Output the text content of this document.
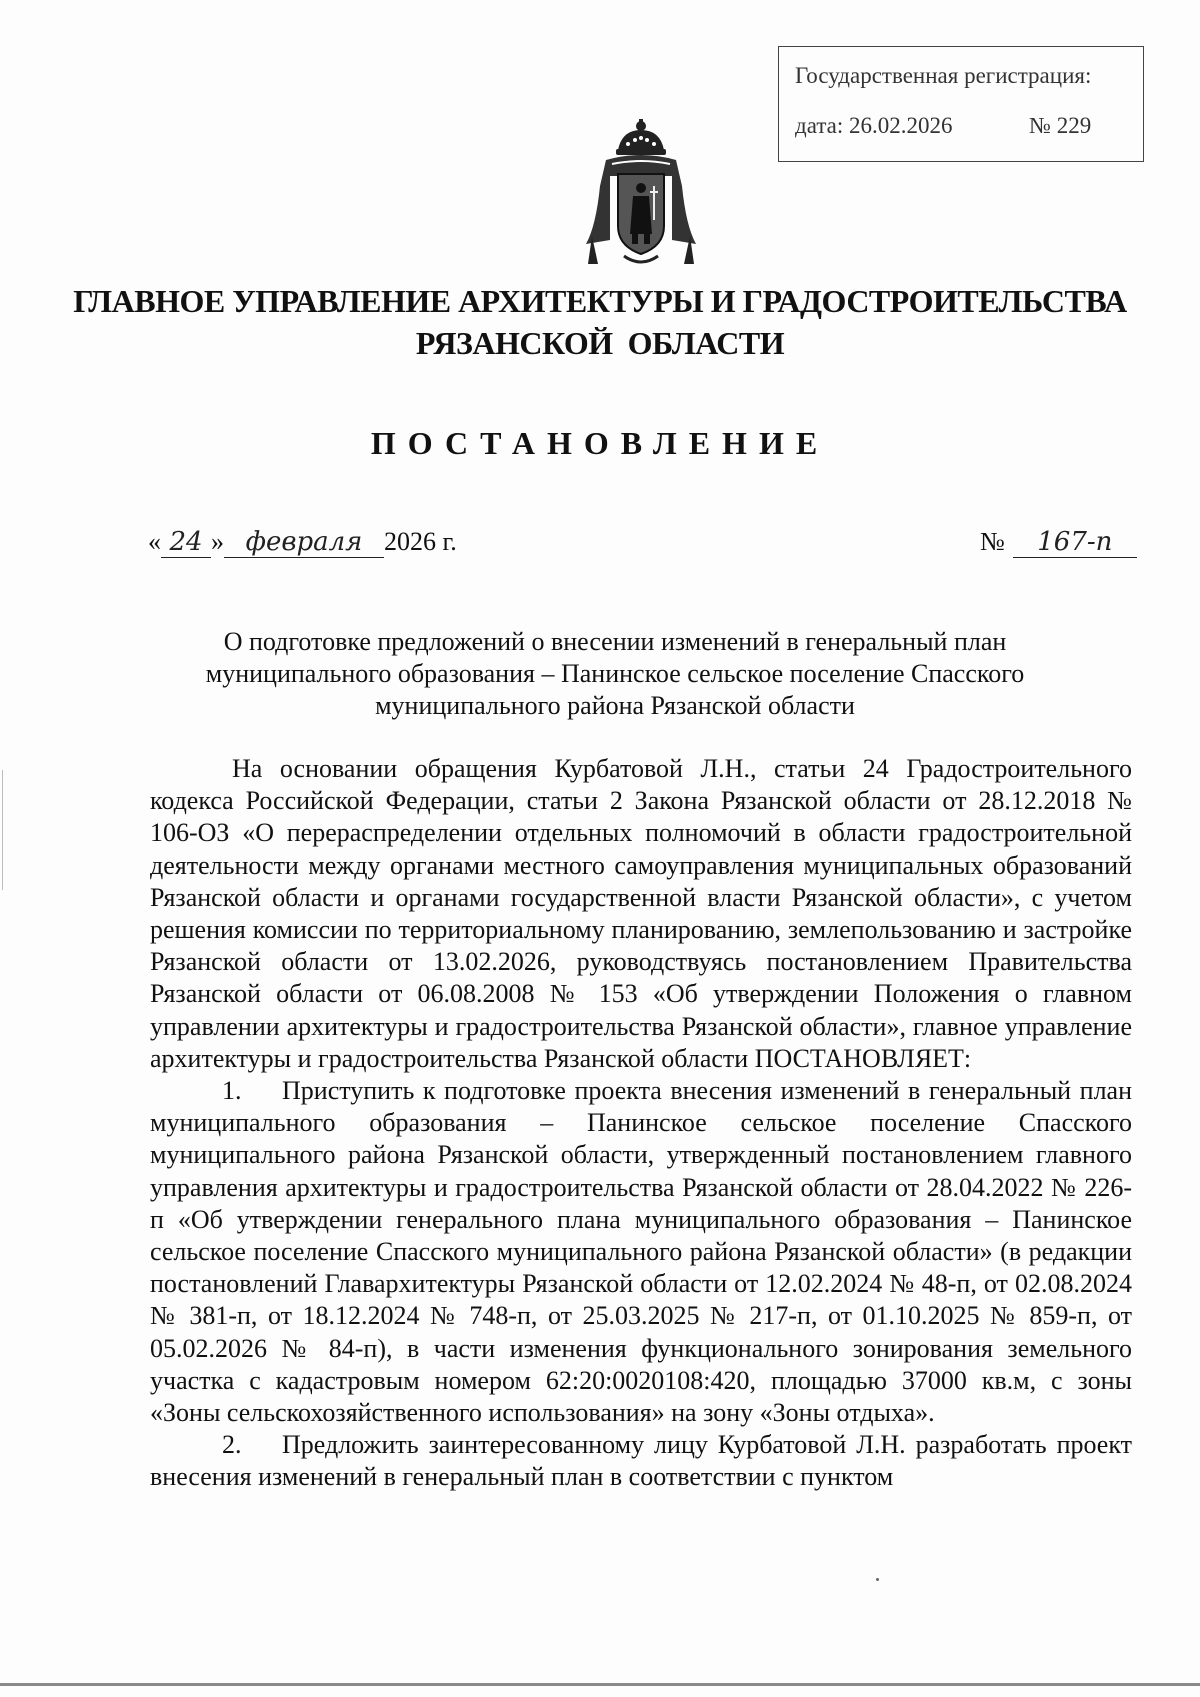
Государственная регистрация:
дата: 26.02.2026	№ 229
ГЛАВНОЕ УПРАВЛЕНИЕ АРХИТЕКТУРЫ И ГРАДОСТРОИТЕЛЬСТВА
РЯЗАНСКОЙ  ОБЛАСТИ
ПОСТАНОВЛЕНИЕ
« 24 » февраля 2026 г.	№ 167-п
О подготовке предложений о внесении изменений в генеральный план
муниципального образования – Панинское сельское поселение Спасского
муниципального района Рязанской области

На основании обращения Курбатовой Л.Н., статьи 24 Градостроительного кодекса Российской Федерации, статьи 2 Закона Рязанской области от 28.12.2018 № 106-ОЗ «О перераспределении отдельных полномочий в области градостроительной деятельности между органами местного самоуправления муниципальных образований Рязанской области и органами государственной власти Рязанской области», с учетом решения комиссии по территориальному планированию, землепользованию и застройке Рязанской области от 13.02.2026, руководствуясь постановлением Правительства Рязанской области от 06.08.2008 № 153 «Об утверждении Положения о главном управлении архитектуры и градостроительства Рязанской области», главное управление архитектуры и градостроительства Рязанской области ПОСТАНОВЛЯЕТ:

1. Приступить к подготовке проекта внесения изменений в генеральный план муниципального образования – Панинское сельское поселение Спасского муниципального района Рязанской области, утвержденный постановлением главного управления архитектуры и градостроительства Рязанской области от 28.04.2022 № 226-п «Об утверждении генерального плана муниципального образования – Панинское сельское поселение Спасского муниципального района Рязанской области» (в редакции постановлений Главархитектуры Рязанской области от 12.02.2024 № 48-п, от 02.08.2024 № 381-п, от 18.12.2024 № 748-п, от 25.03.2025 № 217-п, от 01.10.2025 № 859-п, от 05.02.2026 № 84-п), в части изменения функционального зонирования земельного участка с кадастровым номером 62:20:0020108:420, площадью 37000 кв.м, с зоны «Зоны сельскохозяйственного использования» на зону «Зоны отдыха».

2. Предложить заинтересованному лицу Курбатовой Л.Н. разработать проект внесения изменений в генеральный план в соответствии с пунктом
